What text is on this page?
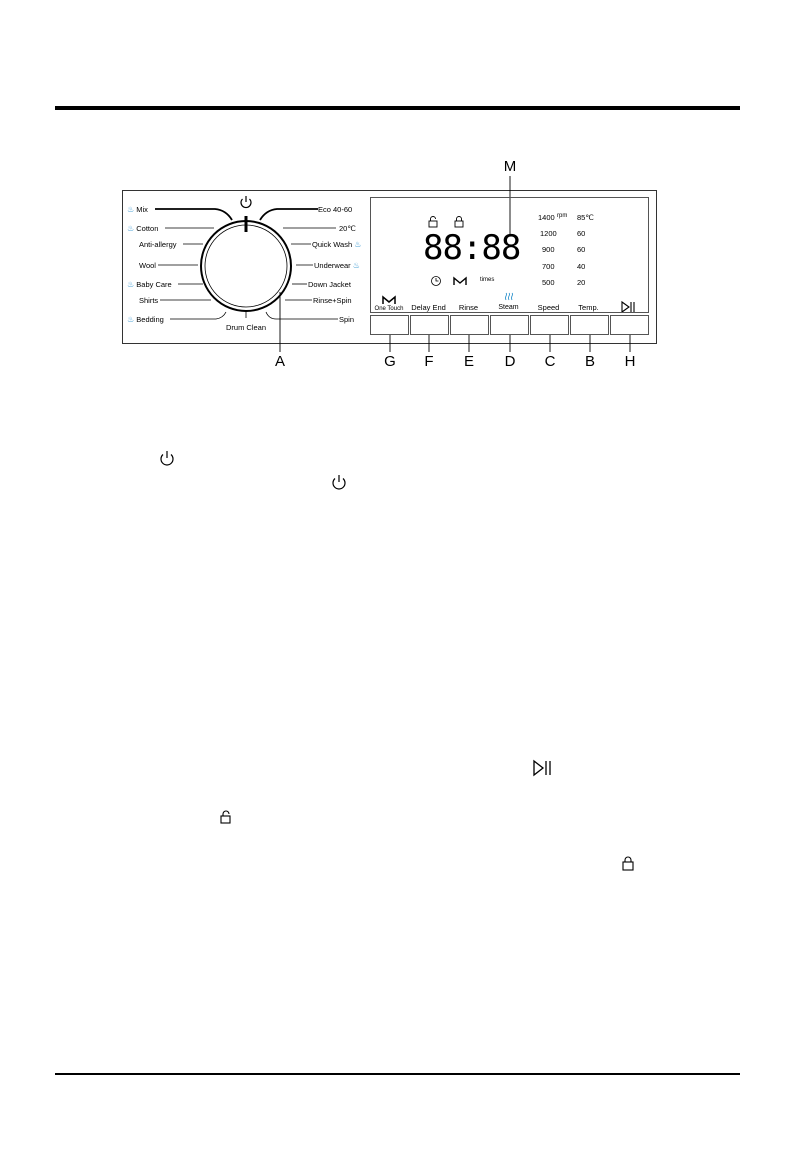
♨ Mix
♨ Cotton
Anti-allergy
Wool
♨ Baby Care
Shirts
♨ Bedding
Eco 40-60
20℃
Quick Wash ♨
Underwear ♨
Down Jacket
Rinse+Spin
Spin
Drum Clean
88:88
times
1400 rpm
1200
900
700
500
85℃
60
60
40
20
One Touch	Delay End	Rinse	Steam	Speed	Temp.
M
A	G	F	E	D	C	B	H
